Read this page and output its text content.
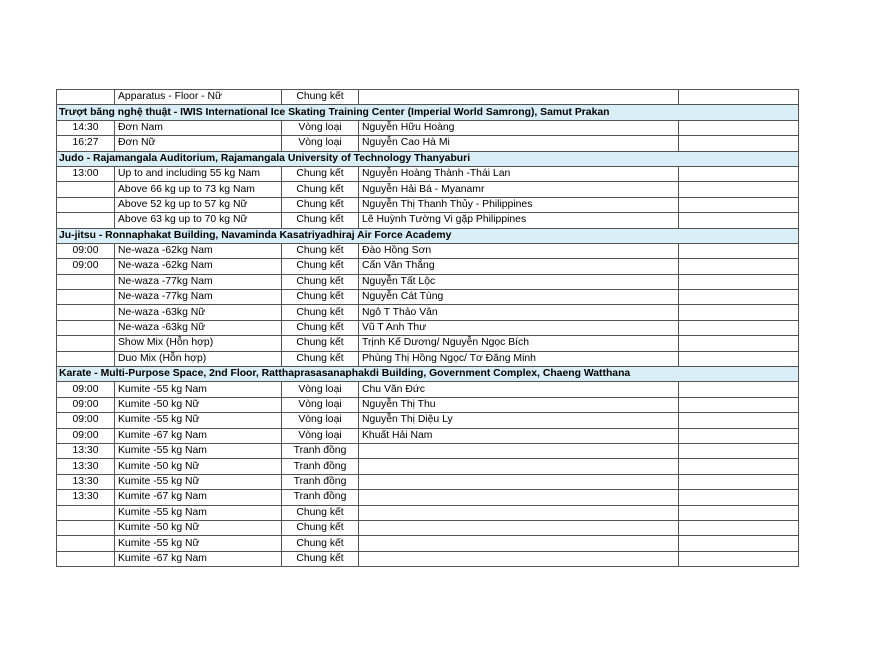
	Apparatus - Floor - Nữ	Chung kết		
Trượt băng nghệ thuật - IWIS International Ice Skating Training Center (Imperial World Samrong), Samut Prakan				
14:30	Đơn Nam	Vòng loại	Nguyễn Hữu Hoàng	
16:27	Đơn Nữ	Vòng loại	Nguyễn Cao Hà Mi	
Judo - Rajamangala Auditorium, Rajamangala University of Technology Thanyaburi				
13:00	Up to and including 55 kg Nam	Chung kết	Nguyễn Hoàng Thành -Thái Lan	
	Above 66 kg up to 73 kg Nam	Chung kết	Nguyễn Hải Bá - Myanamr	
	Above 52 kg up to 57 kg Nữ	Chung kết	Nguyễn Thị Thanh Thủy - Philippines	
	Above 63 kg up to 70 kg Nữ	Chung kết	Lê Huỳnh Tường Vi gặp Philippines	
Ju-jitsu - Ronnaphakat Building, Navaminda Kasatriyadhiraj Air Force Academy				
09:00	Ne-waza -62kg Nam	Chung kết	Đào Hồng Sơn	
09:00	Ne-waza -62kg Nam	Chung kết	Cấn Văn Thắng	
	Ne-waza -77kg Nam	Chung kết	Nguyễn Tất Lộc	
	Ne-waza -77kg Nam	Chung kết	Nguyễn Cát Tùng	
	Ne-waza -63kg Nữ	Chung kết	Ngô T Thảo Vân	
	Ne-waza -63kg Nữ	Chung kết	Vũ T Anh Thư	
	Show Mix (Hỗn hợp)	Chung kết	Trịnh Kế Dương/ Nguyễn Ngọc Bích	
	Duo Mix (Hỗn hợp)	Chung kết	Phùng Thị Hồng Ngọc/ Tơ Đăng Minh	
Karate - Multi-Purpose Space, 2nd Floor, Ratthaprasasanaphakdi Building, Government Complex, Chaeng Watthana				
09:00	Kumite -55 kg Nam	Vòng loại	Chu Văn Đức	
09:00	Kumite -50 kg Nữ	Vòng loại	Nguyễn Thị Thu	
09:00	Kumite -55 kg Nữ	Vòng loại	Nguyễn Thị Diệu Ly	
09:00	Kumite -67 kg Nam	Vòng loại	Khuất Hải Nam	
13:30	Kumite -55 kg Nam	Tranh đồng		
13:30	Kumite -50 kg Nữ	Tranh đồng		
13:30	Kumite -55 kg Nữ	Tranh đồng		
13:30	Kumite -67 kg Nam	Tranh đồng		
	Kumite -55 kg Nam	Chung kết		
	Kumite -50 kg Nữ	Chung kết		
	Kumite -55 kg Nữ	Chung kết		
	Kumite -67 kg Nam	Chung kết		
